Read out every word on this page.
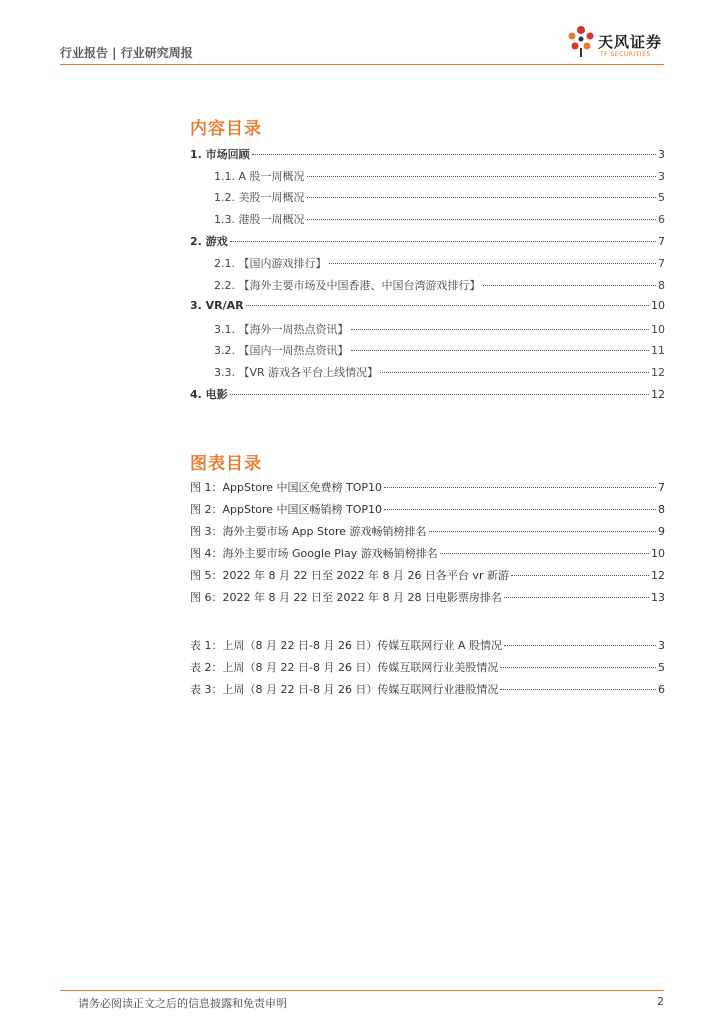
行业报告 | 行业研究周报
天风证券
TF SECURITIES
内容目录
1. 市场回顾	3
1.1. A 股一周概况	3
1.2. 美股一周概况	5
1.3. 港股一周概况	6
2. 游戏	7
2.1. 【国内游戏排行】	7
2.2. 【海外主要市场及中国香港、中国台湾游戏排行】	8
3. VR/AR	10
3.1. 【海外一周热点资讯】	10
3.2. 【国内一周热点资讯】	11
3.3. 【VR 游戏各平台上线情况】	12
4. 电影	12
图表目录
图 1：AppStore 中国区免费榜 TOP10	7
图 2：AppStore 中国区畅销榜 TOP10	8
图 3：海外主要市场 App Store 游戏畅销榜排名	9
图 4：海外主要市场 Google Play 游戏畅销榜排名	10
图 5：2022 年 8 月 22 日至 2022 年 8 月 26 日各平台 vr 新游	12
图 6：2022 年 8 月 22 日至 2022 年 8 月 28 日电影票房排名	13
表 1：上周（8 月 22 日-8 月 26 日）传媒互联网行业 A 股情况	3
表 2：上周（8 月 22 日-8 月 26 日）传媒互联网行业美股情况	5
表 3：上周（8 月 22 日-8 月 26 日）传媒互联网行业港股情况	6
请务必阅读正文之后的信息披露和免责申明	2
